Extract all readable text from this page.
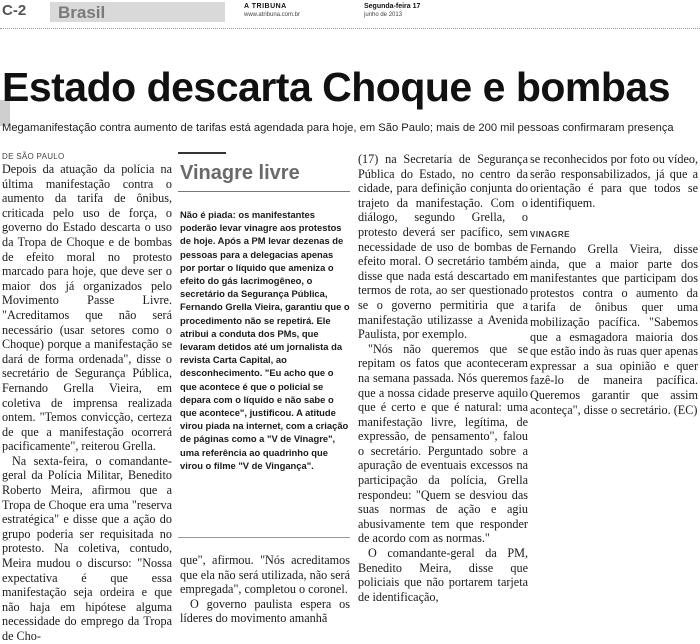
C-2 Brasil	A TRIBUNA
www.atribuna.com.br
Segunda-feira 17
junho de 2013
Estado descarta Choque e bombas
Megamanifestação contra aumento de tarifas está agendada para hoje, em São Paulo; mais de 200 mil pessoas confirmaram presença
DE SÃO PAULO

Depois da atuação da polícia na última manifestação contra o aumento da tarifa de ônibus, criticada pelo uso de força, o governo do Estado descarta o uso da Tropa de Choque e de bombas de efeito moral no protesto marcado para hoje, que deve ser o maior dos já organizados pelo Movimento Passe Livre. "Acreditamos que não será necessário (usar setores como o Choque) porque a manifestação se dará de forma ordenada", disse o secretário de Segurança Pública, Fernando Grella Vieira, em coletiva de imprensa realizada ontem. "Temos convicção, certeza de que a manifestação ocorrerá pacificamente", reiterou Grella.

Na sexta-feira, o comandante-geral da Polícia Militar, Benedito Roberto Meira, afirmou que a Tropa de Choque era uma "reserva estratégica" e disse que a ação do grupo poderia ser requisitada no protesto. Na coletiva, contudo, Meira mudou o discurso: "Nossa expectativa é que essa manifestação seja ordeira e que não haja em hipótese alguma necessidade do emprego da Tropa de Cho-

Vinagre livre
Não é piada: os manifestantes poderão levar vinagre aos protestos de hoje. Após a PM levar dezenas de pessoas para a delegacias apenas por portar o líquido que ameniza o efeito do gás lacrimogêneo, o secretário da Segurança Pública, Fernando Grella Vieira, garantiu que o procedimento não se repetirá. Ele atribui a conduta dos PMs, que levaram detidos até um jornalista da revista Carta Capital, ao desconhecimento. "Eu acho que o que acontece é que o policial se depara com o líquido e não sabe o que acontece", justificou. A atitude virou piada na internet, com a criação de páginas como a "V de Vinagre", uma referência ao quadrinho que virou o filme "V de Vingança".

que", afirmou. "Nós acreditamos que ela não será utilizada, não será empregada", completou o coronel.

O governo paulista espera os líderes do movimento amanhã

(17) na Secretaria de Segurança Pública do Estado, no centro da cidade, para definição conjunta do trajeto da manifestação. Com o diálogo, segundo Grella, o protesto deverá ser pacífico, sem necessidade de uso de bombas de efeito moral. O secretário também disse que nada está descartado em termos de rota, ao ser questionado se o governo permitiria que a manifestação utilizasse a Avenida Paulista, por exemplo.

"Nós não queremos que se repitam os fatos que aconteceram na semana passada. Nós queremos que a nossa cidade preserve aquilo que é certo e que é natural: uma manifestação livre, legítima, de expressão, de pensamento", falou o secretário. Perguntado sobre a apuração de eventuais excessos na participação da polícia, Grella respondeu: "Quem se desviou das suas normas de ação e agiu abusivamente tem que responder de acordo com as normas."

O comandante-geral da PM, Benedito Meira, disse que policiais que não portarem tarjeta de identificação,

se reconhecidos por foto ou vídeo, serão responsabilizados, já que a orientação é para que todos se identifiquem.

VINAGRE

Fernando Grella Vieira, disse ainda, que a maior parte dos manifestantes que participam dos protestos contra o aumento da tarifa de ônibus quer uma mobilização pacífica. "Sabemos que a esmagadora maioria dos que estão indo às ruas quer apenas expressar a sua opinião e quer fazê-lo de maneira pacífica. Queremos garantir que assim aconteça", disse o secretário. (EC)
